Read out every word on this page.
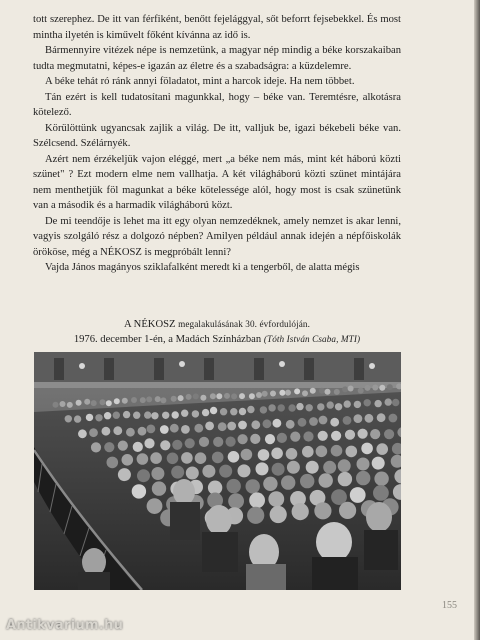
tott szerephez. De itt van férfiként, benőtt fejelággyal, sőt beforrt fejsebekkel. És most mintha ilyetén is kiművelt főként kívánna az idő is.

Bármennyire vitézek népe is nemzetünk, a magyar nép mindig a béke korszakaiban tudta megmutatni, képes-e igazán az életre és a szabadságra: a küzdelemre.

A béke tehát ró ránk annyi föladatot, mint a harcok ideje. Ha nem többet.

Tán ezért is kell tudatosítani magunkkal, hogy – béke van. Teremtésre, alkotásra kötelező.

Körülöttünk ugyancsak zajlik a világ. De itt, valljuk be, igazi békebeli béke van. Szélcsend. Szélárnyék.

Azért nem érzékeljük vajon eléggé, mert „a béke nem más, mint két háború közti szünet" ? Ezt modern elme nem vallhatja. A két világháború közti szünet mintájára nem menthetjük föl magunkat a béke kötelessége alól, hogy most is csak szünetünk van a második és a harmadik világháború közt.

De mi teendője is lehet ma itt egy olyan nemzedéknek, amely nemzet is akar lenni, vagyis szolgáló rész a dolgozó népben? Amilyen például annak idején a népfőiskolák örököse, még a NÉKOSZ is megpróbált lenni?

Vajda János magányos sziklafalként meredt ki a tengerből, de alatta mégis

A NÉKOSZ megalakulásának 30. évfordulóján.
1976. december 1-én, a Madách Színházban (Tóth István Csaba, MTI)
155
Antikvarium.hu
